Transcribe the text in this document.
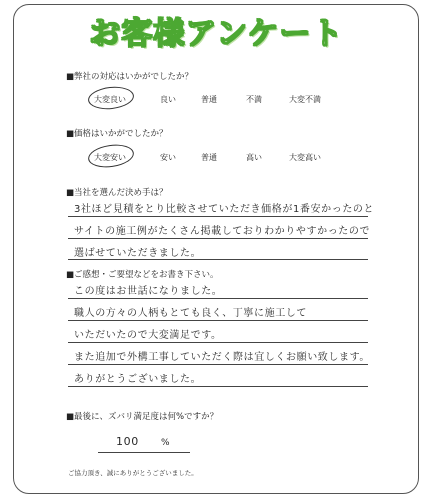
お客様アンケート
■弊社の対応はいかがでしたか？
大変良い	良い	普通	不満	大変不満
■価格はいかがでしたか？
大変安い	安い	普通	高い	大変高い
■当社を選んだ決め手は？
3社ほど見積をとり比較させていただき価格が1番安かったのと
サイトの施工例がたくさん掲載しておりわかりやすかったので
選ばせていただきました。
■ご感想・ご要望などをお書き下さい。
この度はお世話になりました。
職人の方々の人柄もとても良く、丁寧に施工して
いただいたので大変満足です。
また追加で外構工事していただく際は宜しくお願い致します。
ありがとうございました。
■最後に、ズバリ満足度は何%ですか？
100 %
ご協力頂き、誠にありがとうございました。
